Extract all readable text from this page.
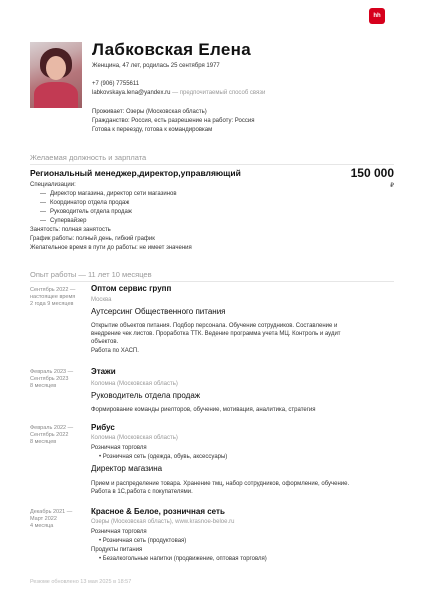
hh
Лабковская Елена
Женщина, 47 лет, родилась 25 сентября 1977
+7 (906) 7755611
labkovskaya.lena@yandex.ru — предпочитаемый способ связи
Проживает: Озеры (Московская область)
Гражданство: Россия, есть разрешение на работу: Россия
Готова к переезду, готова к командировкам
Желаемая должность и зарплата
Региональный менеджер,директор,управляющий	150 000
₽
Специализации:
— Директор магазина, директор сети магазинов
— Координатор отдела продаж
— Руководитель отдела продаж
— Супервайзер
Занятость: полная занятость
График работы: полный день, гибкий график
Желательное время в пути до работы: не имеет значения
Опыт работы — 11 лет 10 месяцев
Сентябрь 2022 —
настоящее время
2 года 9 месяцев
Оптом сервис групп
Москва
Аутсерсинг Общественного питания
Открытие объектов питания. Подбор персонала. Обучение сотрудников. Составление и
внедрение чек листов. Проработка ТТК. Ведение программа учета МЦ. Контроль и аудит
объектов.
Работа по ХАСП.
Февраль 2023 —
Сентябрь 2023
8 месяцев
Этажи
Коломна (Московская область)
Руководитель отдела продаж
Формирование команды риелторов, обучение, мотивация, аналитика, стратегия
Февраль 2022 —
Сентябрь 2022
8 месяцев
Рибус
Коломна (Московская область)
Розничная торговля
• Розничная сеть (одежда, обувь, аксессуары)
Директор магазина
Прием и распределение товара. Хранение тмц, набор сотрудников, оформление, обучение.
Работа в 1С,работа с покупателями.
Декабрь 2021 —
Март 2022
4 месяца
Красное & Белое, розничная сеть
Озеры (Московская область), www.krasnoe-beloe.ru
Розничная торговля
• Розничная сеть (продуктовая)
Продукты питания
• Безалкогольные напитки (продвижение, оптовая торговля)
Резюме обновлено 13 мая 2025 в 18:57
